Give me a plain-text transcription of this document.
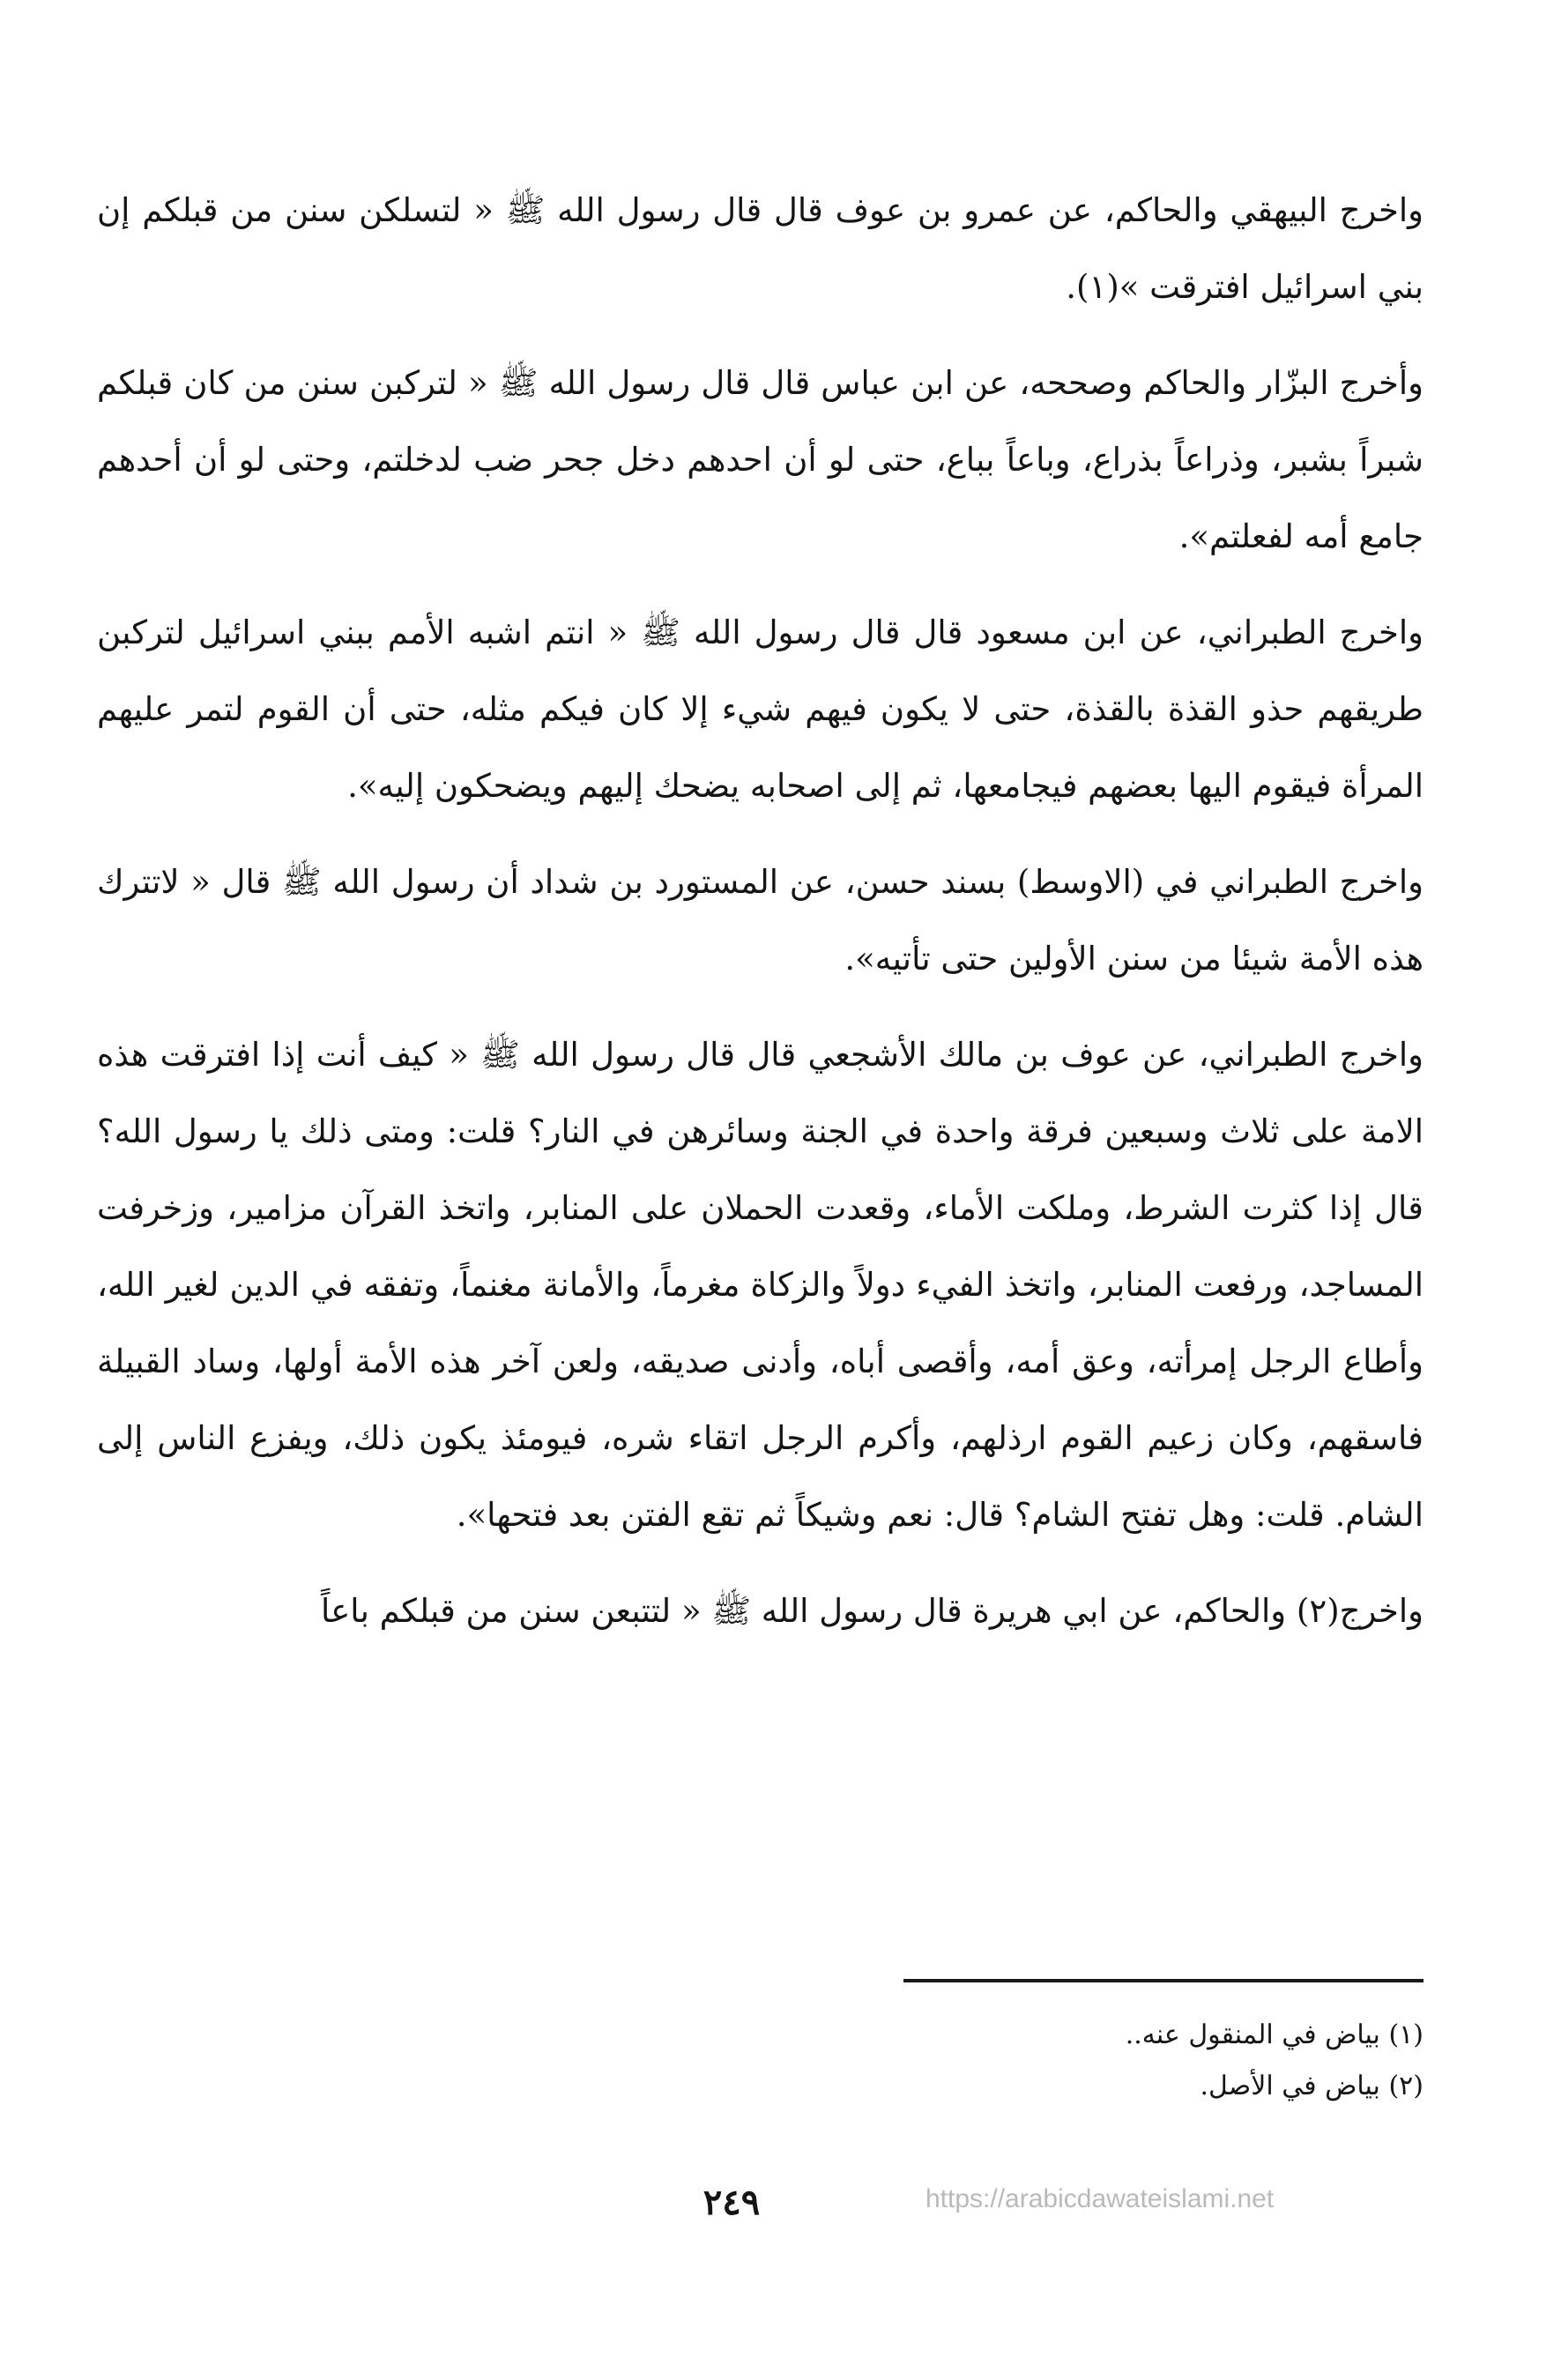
واخرج البيهقي والحاكم، عن عمرو بن عوف قال قال رسول الله ﷺ « لتسلكن سنن من قبلكم إن بني اسرائيل افترقت »(١).

وأخرج البزّار والحاكم وصححه، عن ابن عباس قال قال رسول الله ﷺ « لتركبن سنن من كان قبلكم شبراً بشبر، وذراعاً بذراع، وباعاً بباع، حتى لو أن احدهم دخل جحر ضب لدخلتم، وحتى لو أن أحدهم جامع أمه لفعلتم».

واخرج الطبراني، عن ابن مسعود قال قال رسول الله ﷺ « انتم اشبه الأمم ببني اسرائيل لتركبن طريقهم حذو القذة بالقذة، حتى لا يكون فيهم شيء إلا كان فيكم مثله، حتى أن القوم لتمر عليهم المرأة فيقوم اليها بعضهم فيجامعها، ثم إلى اصحابه يضحك إليهم ويضحكون إليه».

واخرج الطبراني في (الاوسط) بسند حسن، عن المستورد بن شداد أن رسول الله ﷺ قال « لاتترك هذه الأمة شيئا من سنن الأولين حتى تأتيه».

واخرج الطبراني، عن عوف بن مالك الأشجعي قال قال رسول الله ﷺ « كيف أنت إذا افترقت هذه الامة على ثلاث وسبعين فرقة واحدة في الجنة وسائرهن في النار؟ قلت: ومتى ذلك يا رسول الله؟ قال إذا كثرت الشرط، وملكت الأماء، وقعدت الحملان على المنابر، واتخذ القرآن مزامير، وزخرفت المساجد، ورفعت المنابر، واتخذ الفيء دولاً والزكاة مغرماً، والأمانة مغنماً، وتفقه في الدين لغير الله، وأطاع الرجل إمرأته، وعق أمه، وأقصى أباه، وأدنى صديقه، ولعن آخر هذه الأمة أولها، وساد القبيلة فاسقهم، وكان زعيم القوم ارذلهم، وأكرم الرجل اتقاء شره، فيومئذ يكون ذلك، ويفزع الناس إلى الشام. قلت: وهل تفتح الشام؟ قال: نعم وشيكاً ثم تقع الفتن بعد فتحها».

واخرج(٢) والحاكم، عن ابي هريرة قال رسول الله ﷺ « لتتبعن سنن من قبلكم باعاً

(١) بياض في المنقول عنه..
(٢) بياض في الأصل.
٢٤٩	https://arabicdawateislami.net
